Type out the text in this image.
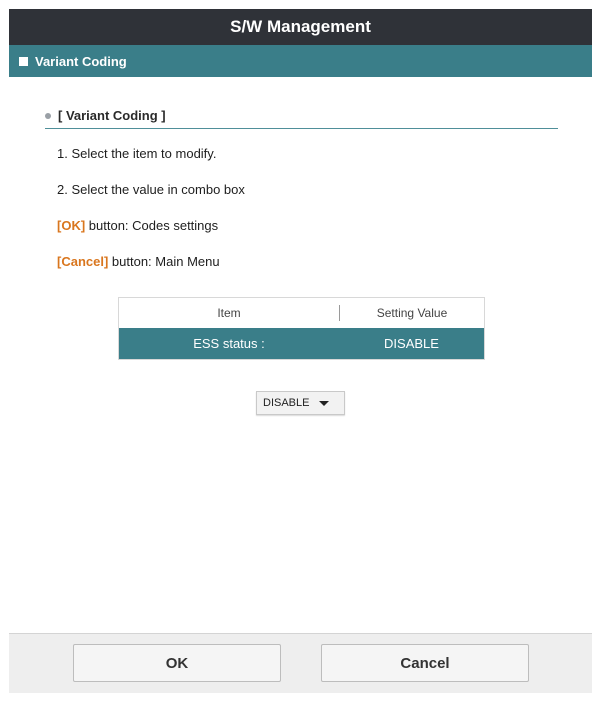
S/W Management
Variant Coding
[ Variant Coding ]
1. Select the item to modify.
2. Select the value in combo box
[OK] button: Codes settings
[Cancel] button: Main Menu
Item	Setting Value
ESS status :	DISABLE
DISABLE
OK	Cancel
